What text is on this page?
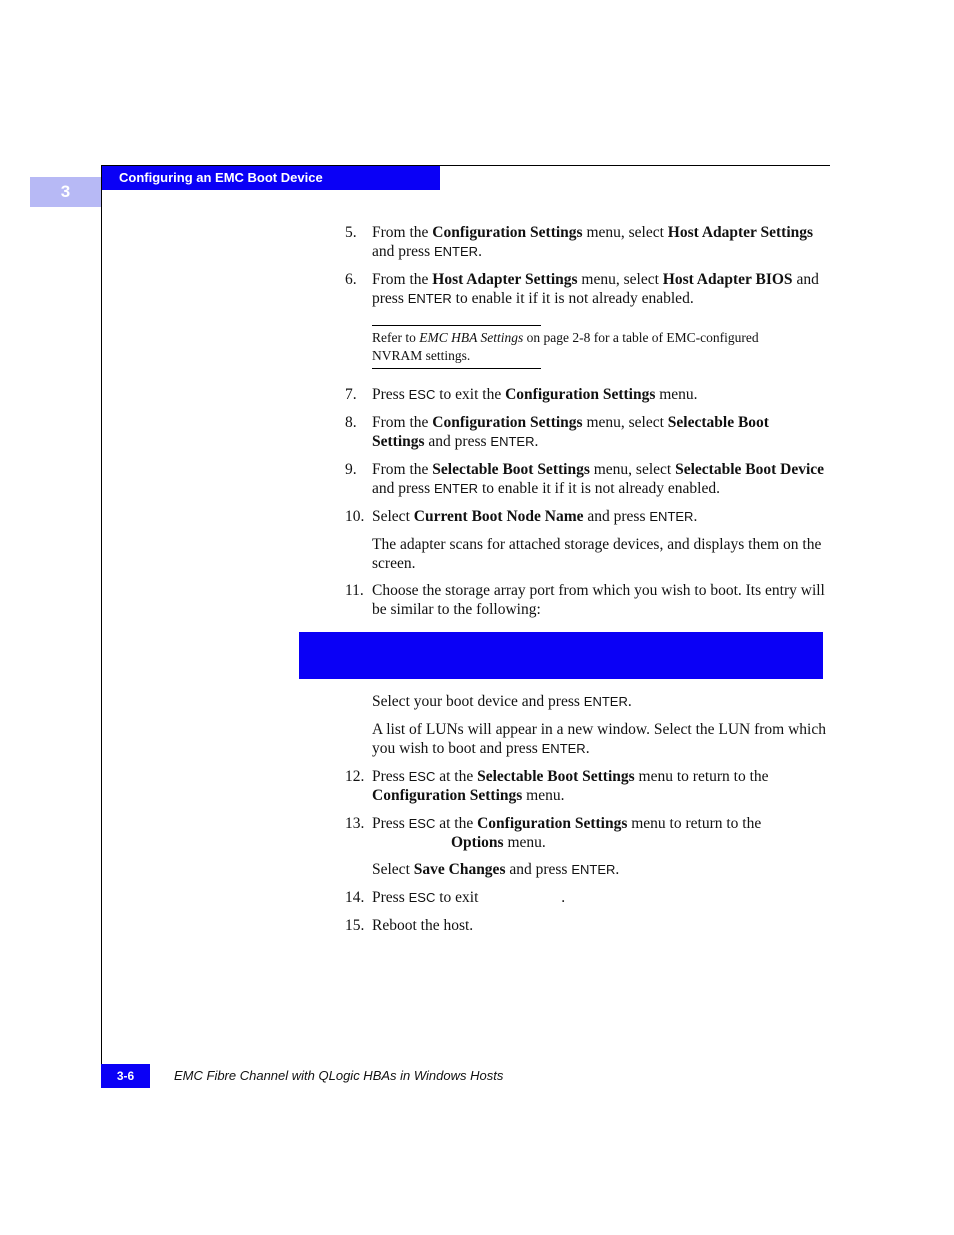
Configuring an EMC Boot Device
3
5. From the Configuration Settings menu, select Host Adapter Settings and press ENTER.
6. From the Host Adapter Settings menu, select Host Adapter BIOS and press ENTER to enable it if it is not already enabled.
Refer to EMC HBA Settings on page 2-8 for a table of EMC-configured NVRAM settings.
7. Press ESC to exit the Configuration Settings menu.
8. From the Configuration Settings menu, select Selectable Boot Settings and press ENTER.
9. From the Selectable Boot Settings menu, select Selectable Boot Device and press ENTER to enable it if it is not already enabled.
10. Select Current Boot Node Name and press ENTER.
The adapter scans for attached storage devices, and displays them on the screen.
11. Choose the storage array port from which you wish to boot. Its entry will be similar to the following:
Select your boot device and press ENTER.
A list of LUNs will appear in a new window. Select the LUN from which you wish to boot and press ENTER.
12. Press ESC at the Selectable Boot Settings menu to return to the Configuration Settings menu.
13. Press ESC at the Configuration Settings menu to return to the
Options menu.
Select Save Changes and press ENTER.
14. Press ESC to exit	.
15. Reboot the host.
3-6	EMC Fibre Channel with QLogic HBAs in Windows Hosts
